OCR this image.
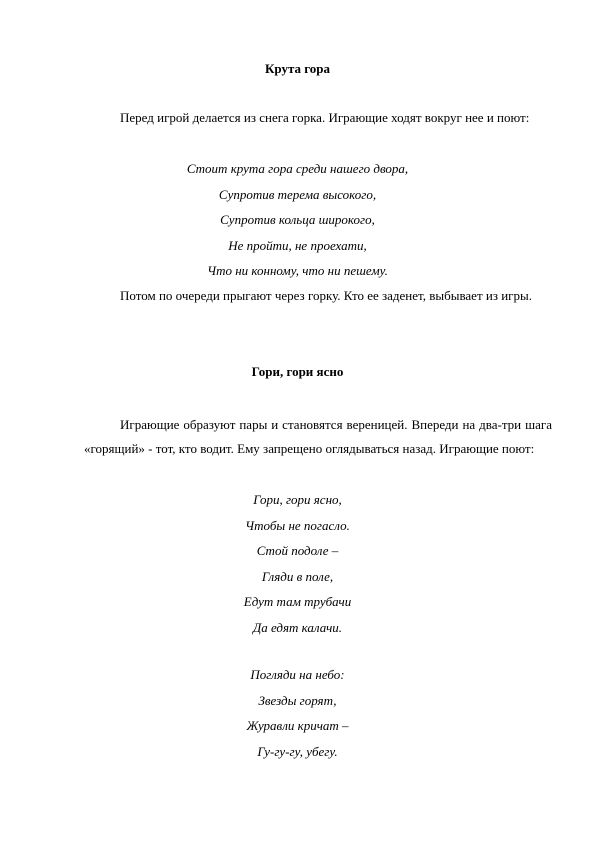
Крута гора
Перед игрой делается из снега горка. Играющие ходят вокруг нее и поют:
Стоит крута гора среди нашего двора,
Супротив терема высокого,
Супротив кольца широкого,
Не пройти, не проехати,
Что ни конному, что ни пешему.
Потом по очереди прыгают через горку. Кто ее заденет, выбывает из игры.
Гори, гори ясно
Играющие образуют пары и становятся вереницей. Впереди на два-три шага «горящий» - тот, кто водит. Ему запрещено оглядываться назад. Играющие поют:
Гори, гори ясно,
Чтобы не погасло.
Стой подоле –
Гляди в поле,
Едут там трубачи
Да едят калачи.
Погляди на небо:
Звезды горят,
Журавли кричат –
Гу-гу-гу, убегу.
